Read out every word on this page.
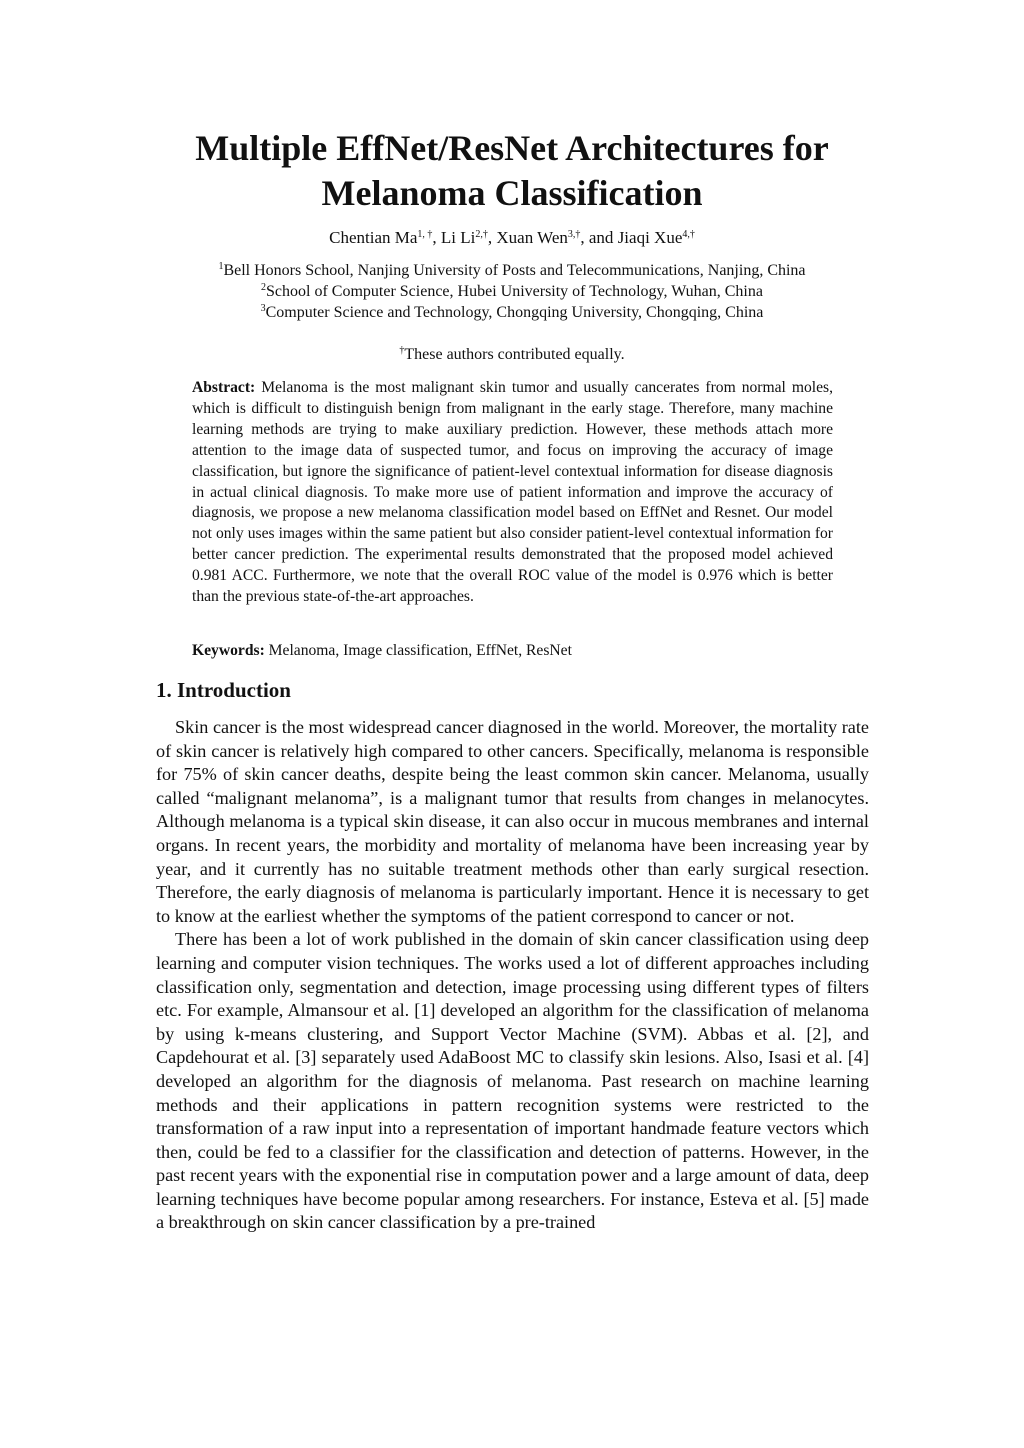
Multiple EffNet/ResNet Architectures for
Melanoma Classification
Chentian $Ma^{1, \dagger}$, Li $Li^{2,\dagger}$, Xuan Wen$^{3,\dagger}$, and Jiaqi Xue$^{4,\dagger}$
$^1$Bell Honors School, Nanjing University of Posts and Telecommunications, Nanjing, China
$^2$School of Computer Science, Hubei University of Technology, Wuhan, China
$^3$Computer Science and Technology, Chongqing University, Chongqing, China
†These authors contributed equally.
Abstract: Melanoma is the most malignant skin tumor and usually cancerates from normal moles, which is difficult to distinguish benign from malignant in the early stage. Therefore, many machine learning methods are trying to make auxiliary prediction. However, these methods attach more attention to the image data of suspected tumor, and focus on improving the accuracy of image classification, but ignore the significance of patient-level contextual information for disease diagnosis in actual clinical diagnosis. To make more use of patient information and improve the accuracy of diagnosis, we propose a new melanoma classification model based on EffNet and Resnet. Our model not only uses images within the same patient but also consider patient-level contextual information for better cancer prediction. The experimental results demonstrated that the proposed model achieved 0.981 ACC. Furthermore, we note that the overall ROC value of the model is 0.976 which is better than the previous state-of-the-art approaches.
Keywords: Melanoma, Image classification, EffNet, ResNet
1. Introduction

Skin cancer is the most widespread cancer diagnosed in the world. Moreover, the mortality rate of skin cancer is relatively high compared to other cancers. Specifically, melanoma is responsible for 75% of skin cancer deaths, despite being the least common skin cancer. Melanoma, usually called “malignant melanoma”, is a malignant tumor that results from changes in melanocytes. Although melanoma is a typical skin disease, it can also occur in mucous membranes and internal organs. In recent years, the morbidity and mortality of melanoma have been increasing year by year, and it currently has no suitable treatment methods other than early surgical resection. Therefore, the early diagnosis of melanoma is particularly important. Hence it is necessary to get to know at the earliest whether the symptoms of the patient correspond to cancer or not.

There has been a lot of work published in the domain of skin cancer classification using deep learning and computer vision techniques. The works used a lot of different approaches including classification only, segmentation and detection, image processing using different types of filters etc. For example, Almansour et al. [1] developed an algorithm for the classification of melanoma by using k-means clustering, and Support Vector Machine (SVM). Abbas et al. [2], and Capdehourat et al. [3] separately used AdaBoost MC to classify skin lesions. Also, Isasi et al. [4] developed an algorithm for the diagnosis of melanoma. Past research on machine learning methods and their applications in pattern recognition systems were restricted to the transformation of a raw input into a representation of important handmade feature vectors which then, could be fed to a classifier for the classification and detection of patterns. However, in the past recent years with the exponential rise in computation power and a large amount of data, deep learning techniques have become popular among researchers. For instance, Esteva et al. [5] made a breakthrough on skin cancer classification by a pre-trained
